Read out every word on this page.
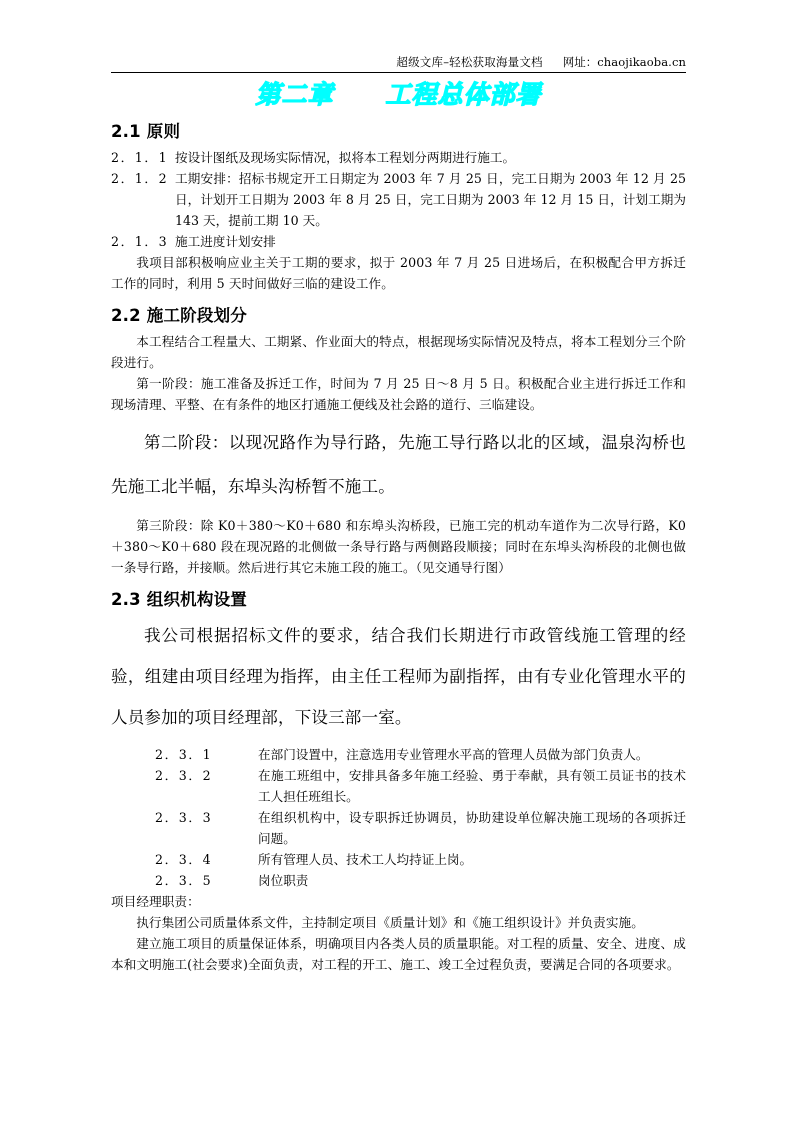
超级文库–轻松获取海量文档 网址：chaojikaoba.cn
第二章　　工程总体部署
2.1 原则
2．1．1 按设计图纸及现场实际情况，拟将本工程划分两期进行施工。
2．1．2 工期安排：招标书规定开工日期定为 2003 年 7 月 25 日，完工日期为 2003 年 12 月 25 日，计划开工日期为 2003 年 8 月 25 日，完工日期为 2003 年 12 月 15 日，计划工期为 143 天，提前工期 10 天。
2．1．3 施工进度计划安排

我项目部积极响应业主关于工期的要求，拟于 2003 年 7 月 25 日进场后，在积极配合甲方拆迁工作的同时，利用 5 天时间做好三临的建设工作。

2.2 施工阶段划分

本工程结合工程量大、工期紧、作业面大的特点，根据现场实际情况及特点，将本工程划分三个阶段进行。

第一阶段：施工准备及拆迁工作，时间为 7 月 25 日～8 月 5 日。积极配合业主进行拆迁工作和现场清理、平整、在有条件的地区打通施工便线及社会路的道行、三临建设。

第二阶段：以现况路作为导行路，先施工导行路以北的区域，温泉沟桥也先施工北半幅，东埠头沟桥暂不施工。

第三阶段：除 K0＋380～K0＋680 和东埠头沟桥段，已施工完的机动车道作为二次导行路，K0＋380～K0＋680 段在现况路的北侧做一条导行路与两侧路段顺接；同时在东埠头沟桥段的北侧也做一条导行路，并接顺。然后进行其它未施工段的施工。（见交通导行图）

2.3 组织机构设置

我公司根据招标文件的要求，结合我们长期进行市政管线施工管理的经验，组建由项目经理为指挥，由主任工程师为副指挥，由有专业化管理水平的人员参加的项目经理部，下设三部一室。

2．3．1	在部门设置中，注意选用专业管理水平高的管理人员做为部门负责人。
2．3．2	在施工班组中，安排具备多年施工经验、勇于奉献，具有领工员证书的技术工人担任班组长。
2．3．3	在组织机构中，设专职拆迁协调员，协助建设单位解决施工现场的各项拆迁问题。
2．3．4	所有管理人员、技术工人均持证上岗。
2．3．5	岗位职责

项目经理职责：

执行集团公司质量体系文件，主持制定项目《质量计划》和《施工组织设计》并负责实施。

建立施工项目的质量保证体系，明确项目内各类人员的质量职能。对工程的质量、安全、进度、成本和文明施工(社会要求)全面负责，对工程的开工、施工、竣工全过程负责，要满足合同的各项要求。
